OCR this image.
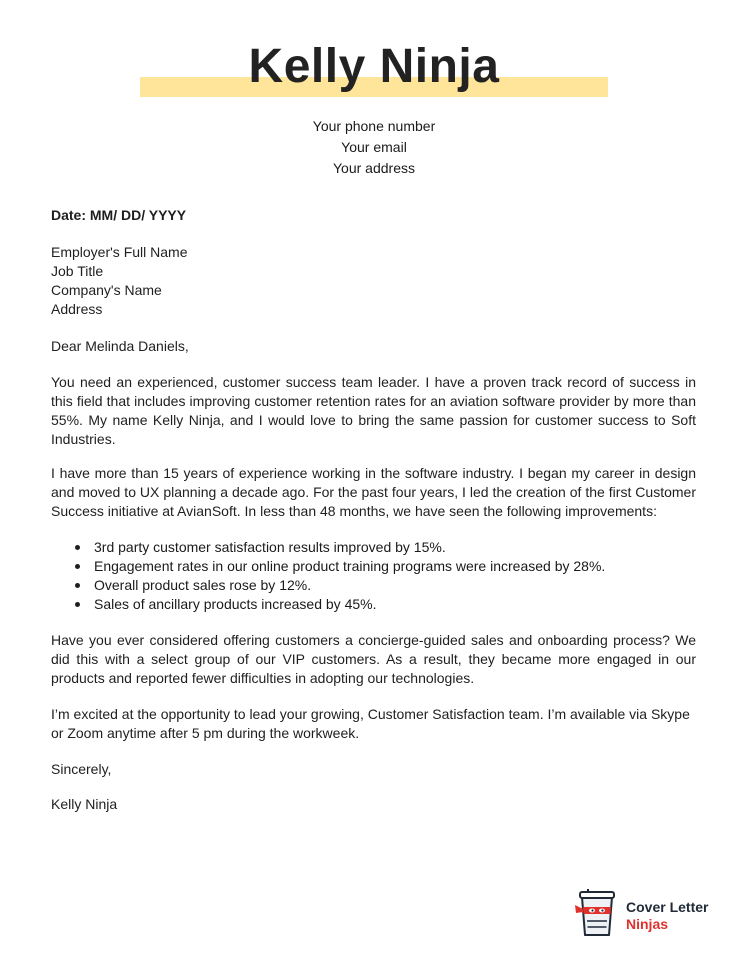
Kelly Ninja
Your phone number
Your email
Your address
Date: MM/ DD/ YYYY
Employer's Full Name
Job Title
Company's Name
Address
Dear Melinda Daniels,
You need an experienced, customer success team leader. I have a proven track record of success in this field that includes improving customer retention rates for an aviation software provider by more than 55%. My name Kelly Ninja, and I would love to bring the same passion for customer success to Soft Industries.
I have more than 15 years of experience working in the software industry. I began my career in design and moved to UX planning a decade ago. For the past four years, I led the creation of the first Customer Success initiative at AvianSoft. In less than 48 months, we have seen the following improvements:
3rd party customer satisfaction results improved by 15%.
Engagement rates in our online product training programs were increased by 28%.
Overall product sales rose by 12%.
Sales of ancillary products increased by 45%.
Have you ever considered offering customers a concierge-guided sales and onboarding process? We did this with a select group of our VIP customers. As a result, they became more engaged in our products and reported fewer difficulties in adopting our technologies.
I’m excited at the opportunity to lead your growing, Customer Satisfaction team. I’m available via Skype or Zoom anytime after 5 pm during the workweek.
Sincerely,
Kelly Ninja
Cover Letter
Ninjas
